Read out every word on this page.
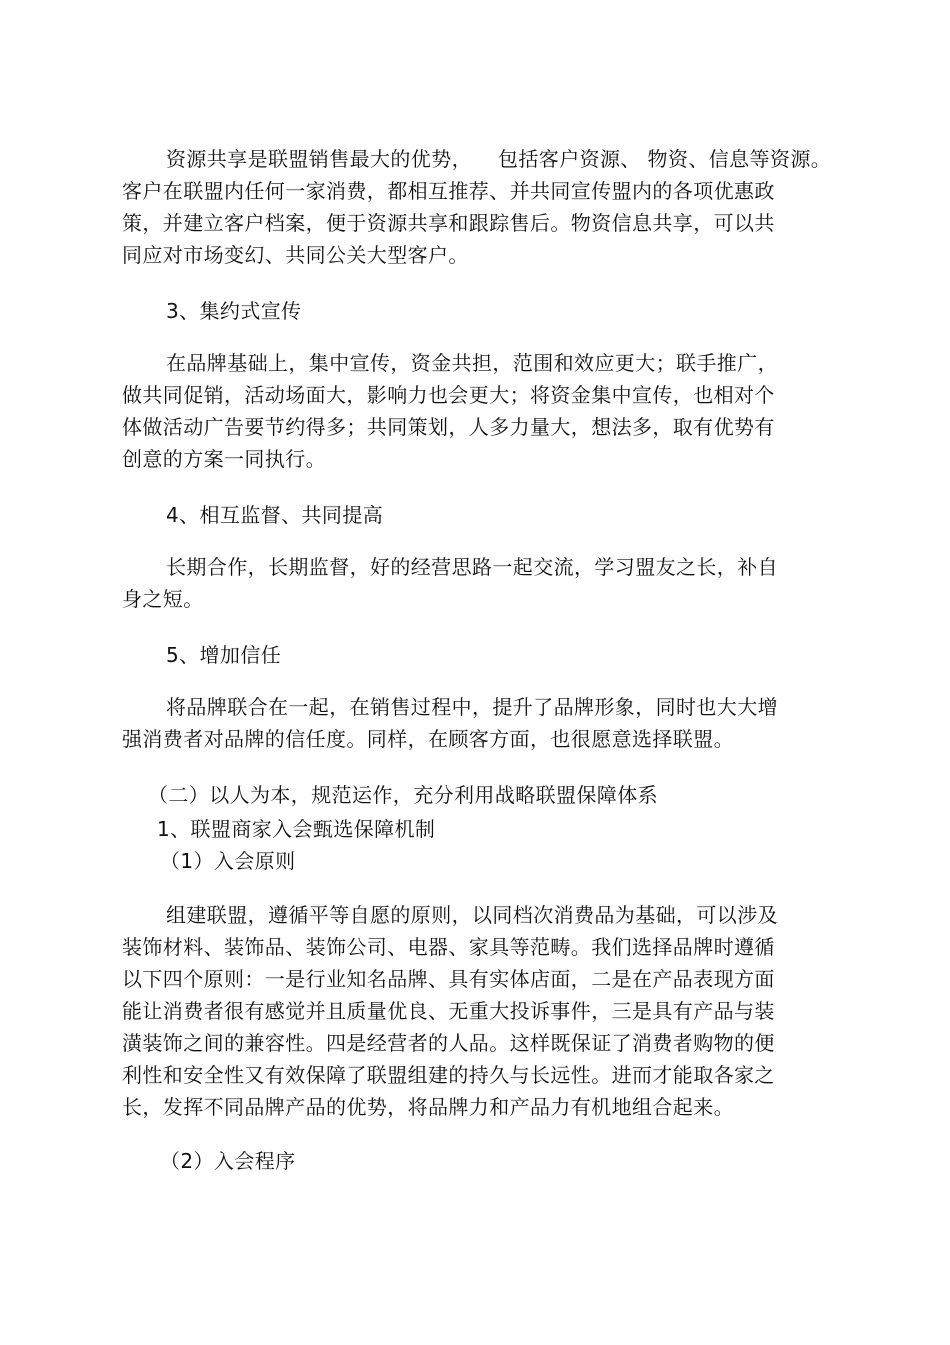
资源共享是联盟销售最大的优势， 包括客户资源、 物资、信息等资源。
客户在联盟内任何一家消费，都相互推荐、并共同宣传盟内的各项优惠政
策，并建立客户档案，便于资源共享和跟踪售后。物资信息共享，可以共
同应对市场变幻、共同公关大型客户。
3、集约式宣传
在品牌基础上，集中宣传，资金共担，范围和效应更大；联手推广，
做共同促销，活动场面大，影响力也会更大；将资金集中宣传，也相对个
体做活动广告要节约得多；共同策划，人多力量大，想法多，取有优势有
创意的方案一同执行。
4、相互监督、共同提高
长期合作，长期监督，好的经营思路一起交流，学习盟友之长，补自
身之短。
5、增加信任
将品牌联合在一起，在销售过程中，提升了品牌形象，同时也大大增
强消费者对品牌的信任度。同样，在顾客方面，也很愿意选择联盟。
（二）以人为本，规范运作，充分利用战略联盟保障体系
1、联盟商家入会甄选保障机制
（1）入会原则
组建联盟，遵循平等自愿的原则，以同档次消费品为基础，可以涉及
装饰材料、装饰品、装饰公司、电器、家具等范畴。我们选择品牌时遵循
以下四个原则：一是行业知名品牌、具有实体店面，二是在产品表现方面
能让消费者很有感觉并且质量优良、无重大投诉事件，三是具有产品与装
潢装饰之间的兼容性。四是经营者的人品。这样既保证了消费者购物的便
利性和安全性又有效保障了联盟组建的持久与长远性。进而才能取各家之
长，发挥不同品牌产品的优势，将品牌力和产品力有机地组合起来。
（2）入会程序
